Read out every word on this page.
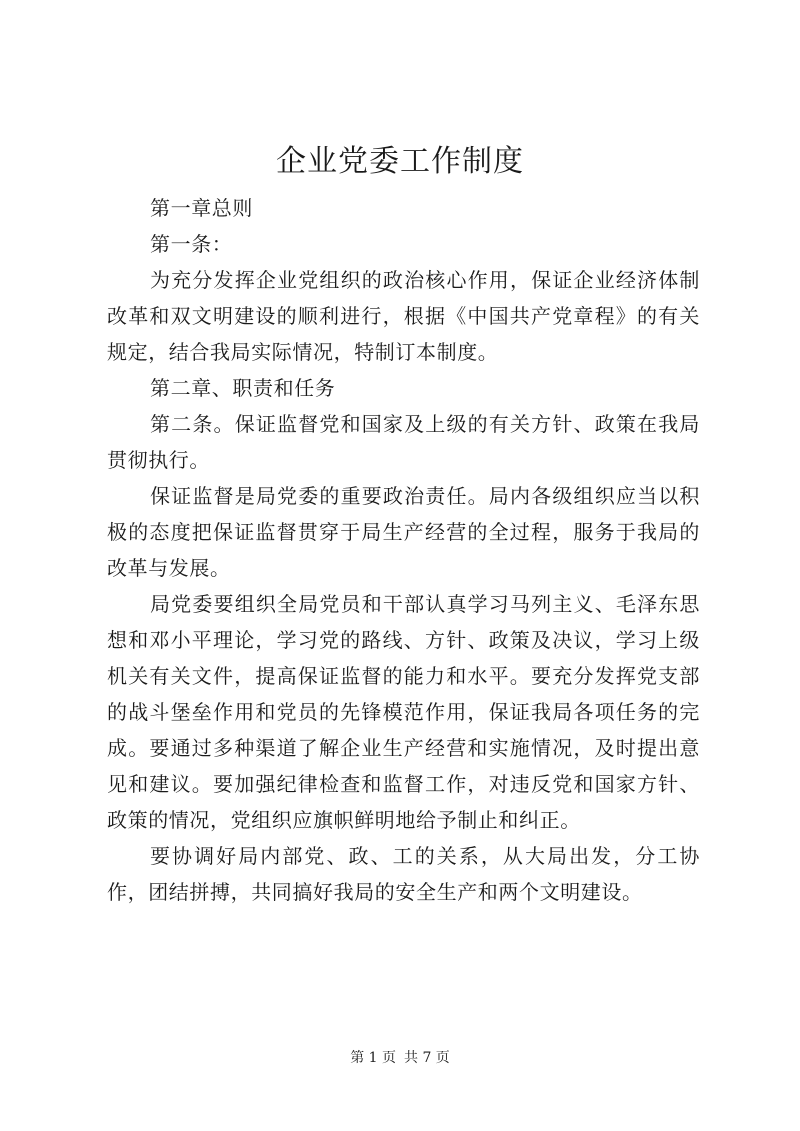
企业党委工作制度

第一章总则

第一条：

为充分发挥企业党组织的政治核心作用，保证企业经济体制改革和双文明建设的顺利进行，根据《中国共产党章程》的有关规定，结合我局实际情况，特制订本制度。

第二章、职责和任务

第二条。保证监督党和国家及上级的有关方针、政策在我局贯彻执行。

保证监督是局党委的重要政治责任。局内各级组织应当以积极的态度把保证监督贯穿于局生产经营的全过程，服务于我局的改革与发展。

局党委要组织全局党员和干部认真学习马列主义、毛泽东思想和邓小平理论，学习党的路线、方针、政策及决议，学习上级机关有关文件，提高保证监督的能力和水平。要充分发挥党支部的战斗堡垒作用和党员的先锋模范作用，保证我局各项任务的完成。要通过多种渠道了解企业生产经营和实施情况，及时提出意见和建议。要加强纪律检查和监督工作，对违反党和国家方针、政策的情况，党组织应旗帜鲜明地给予制止和纠正。

要协调好局内部党、政、工的关系，从大局出发，分工协作，团结拼搏，共同搞好我局的安全生产和两个文明建设。

第 1 页 共 7 页
